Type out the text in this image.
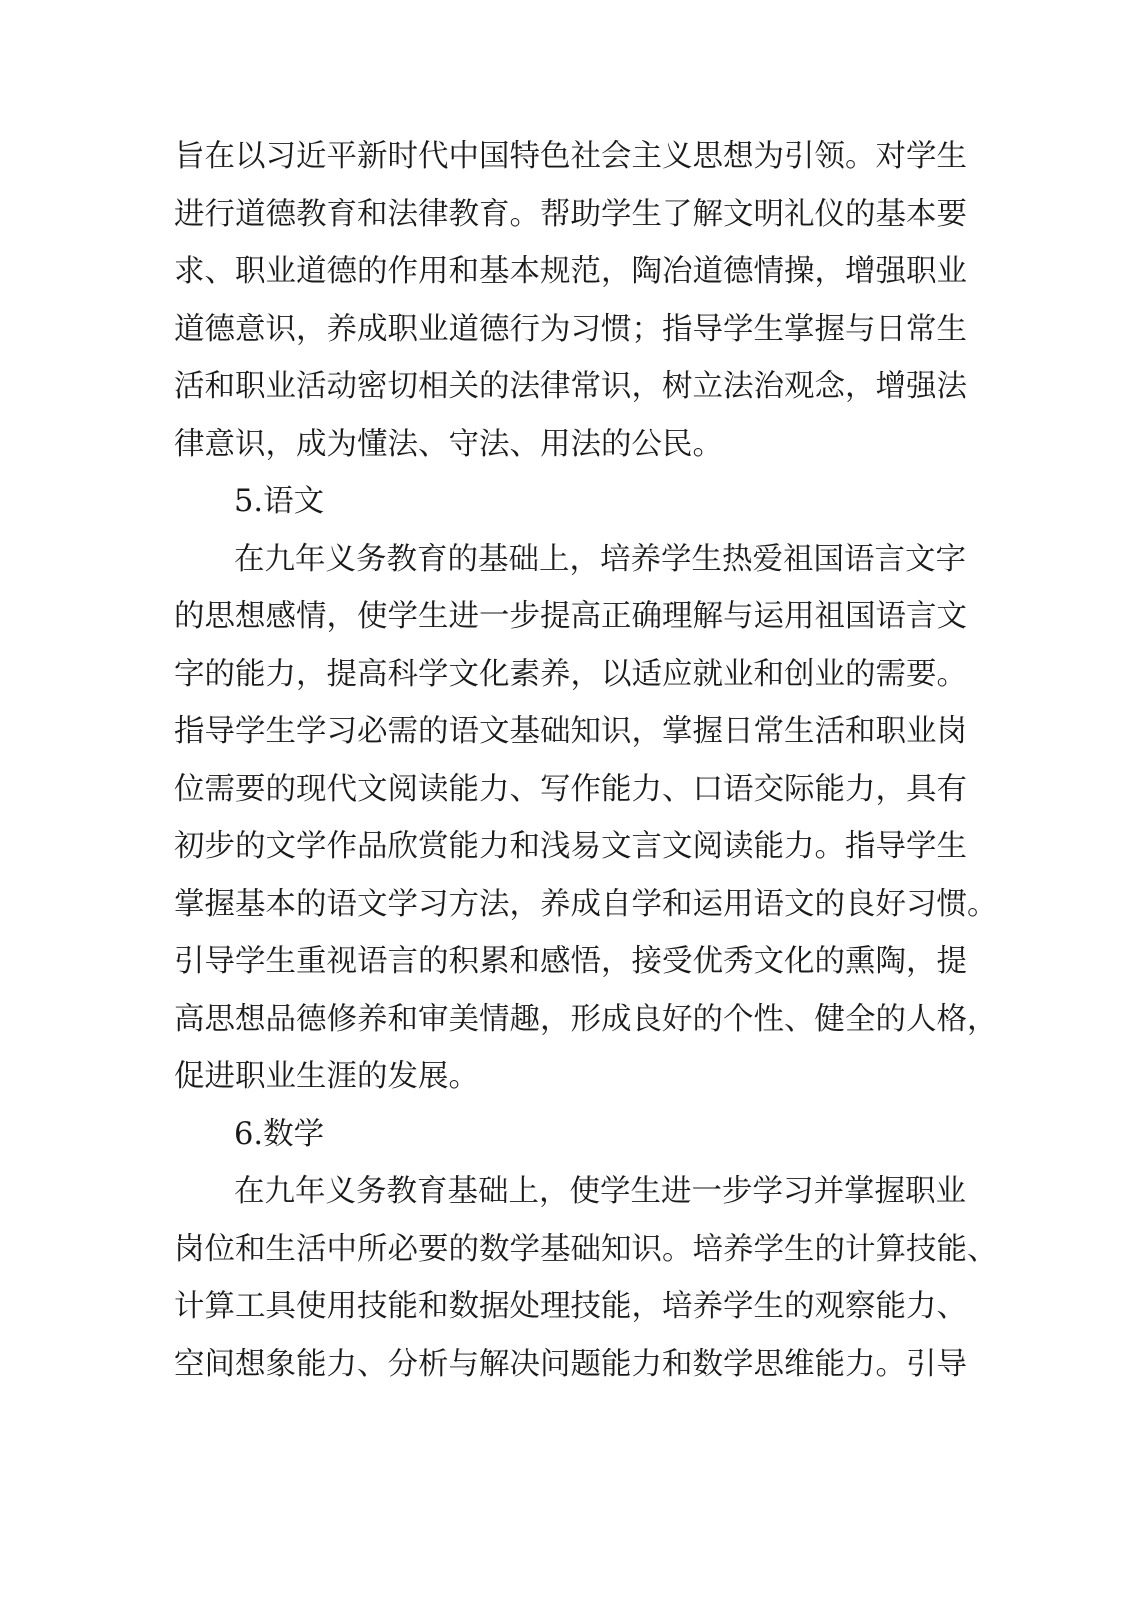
旨在以习近平新时代中国特色社会主义思想为引领。对学生
进行道德教育和法律教育。帮助学生了解文明礼仪的基本要
求、职业道德的作用和基本规范，陶冶道德情操，增强职业
道德意识，养成职业道德行为习惯；指导学生掌握与日常生
活和职业活动密切相关的法律常识，树立法治观念，增强法
律意识，成为懂法、守法、用法的公民。
5.语文
在九年义务教育的基础上，培养学生热爱祖国语言文字
的思想感情，使学生进一步提高正确理解与运用祖国语言文
字的能力，提高科学文化素养，以适应就业和创业的需要。
指导学生学习必需的语文基础知识，掌握日常生活和职业岗
位需要的现代文阅读能力、写作能力、口语交际能力，具有
初步的文学作品欣赏能力和浅易文言文阅读能力。指导学生
掌握基本的语文学习方法，养成自学和运用语文的良好习惯。
引导学生重视语言的积累和感悟，接受优秀文化的熏陶，提
高思想品德修养和审美情趣，形成良好的个性、健全的人格，
促进职业生涯的发展。
6.数学
在九年义务教育基础上，使学生进一步学习并掌握职业
岗位和生活中所必要的数学基础知识。培养学生的计算技能、
计算工具使用技能和数据处理技能，培养学生的观察能力、
空间想象能力、分析与解决问题能力和数学思维能力。引导
